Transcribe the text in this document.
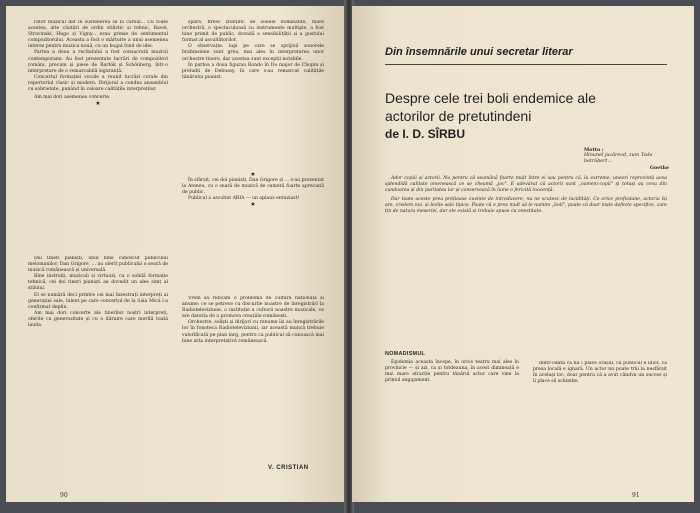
rator muzical dat în sustenerea sa la cursul... Cu toate acestea, alte căutări de ordin stilistic și tehnic, Ravel, Stravinski, Hugo și Vigny... erau prinse de sentimentul compozitorului. Aceasta a fost o mărturie a unui asemenea interes pentru muzica nouă, cu un bogat fond de idei.

Partea a doua a recitalului a fost consacrată muzicii contemporane. Au fost prezentate lucrări de compozitori români, precum și piese de Bartók și Schönberg, într-o interpretare de o remarcabilă siguranță.

Concertul formației vocale a reunit lucrări corale din repertoriul clasic și modern. Dirijorul a condus ansamblul cu sobrietate, punând în valoare calitățile interpreților.

Am mai dori asemenea concerte.

★

Doi tineri pianiști, unul bine cunoscut publicului melomanilor, Dan Grigore, ... au oferit publicului o seară de muzică românească și universală.

Bine instruiți, muzicali și virtuozi, cu o solidă formație tehnică, cei doi tineri pianiști au dovedit un ales simț al stilului.

El se numără deci printre cei mai înzestrați interpreți ai generației sale, talent pe care concertul de la Sala Mică l-a confirmat deplin.

Am mai dori concerte ale tinerilor noștri interpreți, oferite cu generozitate și cu o dăruire care merită toată lauda.

spare, firesc științific de zonele dominante, mare orchestră, o spectaculoasă cu instrumente multiple, a fost bine primit de public, dovadă a sensibilității și a gustului format al ascultătorilor.

O observație: lupi pe care se sprijină sonorele brahmsiene sunt greu, mai ales în interpretarea unor orchestre tinere, dar acestea sunt excepții notabile.

În partea a doua figurau Rondo în Do major de Chopin și preludii de Debussy, în care s-au remarcat calitățile tânărului pianist.

★

În sfârșit, cei doi pianiști, Dan Grigore și ... s-au prezentat la Ateneu, cu o seară de muzică de cameră foarte apreciată de public.

Publicul a ascultat ARIA — un aplauz entuziast!

★

Vrem să ridicăm o problemă de cultură națională și anume: ce se petrece cu discurile noastre de înregistrări la Radioteleviziune, o instituție a culturii noastre muzicale, ce are datoria de a promova creațiile românești.

Orchestre, solişti și dirijori cu renume își au înregistrările lor în fonoteca Radioteleviziunii, iar această muncă trebuie valorificată pe plan larg, pentru ca publicul să cunoască mai bine arta interpretativă românească.

V. CRISTIAN
90
Din însemnările unui secretar literar
Despre cele trei boli endemice ale actorilor de pretutindeni
de I. D. SÎRBU
Motto :
Hinunel jucăreod, zum Tode betrübert...
Goethe

Ador copiii și actorii. Nu pentru că seamănă foarte mult între ei sau pentru că, la extreme, uneori reprezintă acea splendidă calitate omenească ce se cheamă „joc". E adevărat că actorii sunt „oameni-copii" și totuși au ceva din candoarea și din puritatea lor și conservează în lume o fericită inocență.

Dar toate aceste prea prețioase cuvinte de introducere, nu ne scutesc de lucidități. Ce orice profesiune, actoria își are, credem noi, și bolile sale tipice. Poate că e prea mult să le numim „boli", poate că doar niște defecte specifice, care țin de natura meseriei, dar ele există și trebuie spuse cu onestitate.

NOMADISMUL

Epidemia aceasta începe, în orice teatru mai ales în provincie — și azi, ca și totdeauna, în acest dimineață e mai mare atracție pentru tânărul actor care vine la primul angajament.

dintr-odată că nu i place orașul, că publicul e idiot, că presa locală e ignară. Un actor nu poate trăi la nesfârșit în același loc, doar pentru că a avut cândva un succes și îi place să schimbe.

91
